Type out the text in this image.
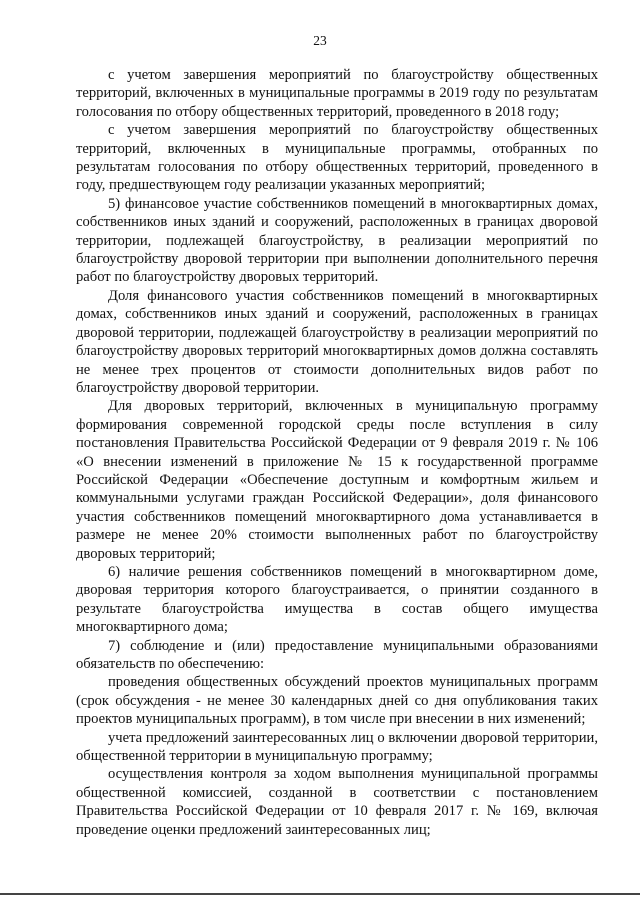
23

с учетом завершения мероприятий по благоустройству общественных территорий, включенных в муниципальные программы в 2019 году по результатам голосования по отбору общественных территорий, проведенного в 2018 году;

с учетом завершения мероприятий по благоустройству общественных территорий, включенных в муниципальные программы, отобранных по результатам голосования по отбору общественных территорий, проведенного в году, предшествующем году реализации указанных мероприятий;

5) финансовое участие собственников помещений в многоквартирных домах, собственников иных зданий и сооружений, расположенных в границах дворовой территории, подлежащей благоустройству, в реализации мероприятий по благоустройству дворовой территории при выполнении дополнительного перечня работ по благоустройству дворовых территорий.

Доля финансового участия собственников помещений в многоквартирных домах, собственников иных зданий и сооружений, расположенных в границах дворовой территории, подлежащей благоустройству в реализации мероприятий по благоустройству дворовых территорий многоквартирных домов должна составлять не менее трех процентов от стоимости дополнительных видов работ по благоустройству дворовой территории.

Для дворовых территорий, включенных в муниципальную программу формирования современной городской среды после вступления в силу постановления Правительства Российской Федерации от 9 февраля 2019 г. № 106 «О внесении изменений в приложение № 15 к государственной программе Российской Федерации «Обеспечение доступным и комфортным жильем и коммунальными услугами граждан Российской Федерации», доля финансового участия собственников помещений многоквартирного дома устанавливается в размере не менее 20% стоимости выполненных работ по благоустройству дворовых территорий;

6) наличие решения собственников помещений в многоквартирном доме, дворовая территория которого благоустраивается, о принятии созданного в результате благоустройства имущества в состав общего имущества многоквартирного дома;

7) соблюдение и (или) предоставление муниципальными образованиями обязательств по обеспечению:

проведения общественных обсуждений проектов муниципальных программ (срок обсуждения - не менее 30 календарных дней со дня опубликования таких проектов муниципальных программ), в том числе при внесении в них изменений;

учета предложений заинтересованных лиц о включении дворовой территории, общественной территории в муниципальную программу;

осуществления контроля за ходом выполнения муниципальной программы общественной комиссией, созданной в соответствии с постановлением Правительства Российской Федерации от 10 февраля 2017 г. № 169, включая проведение оценки предложений заинтересованных лиц;
